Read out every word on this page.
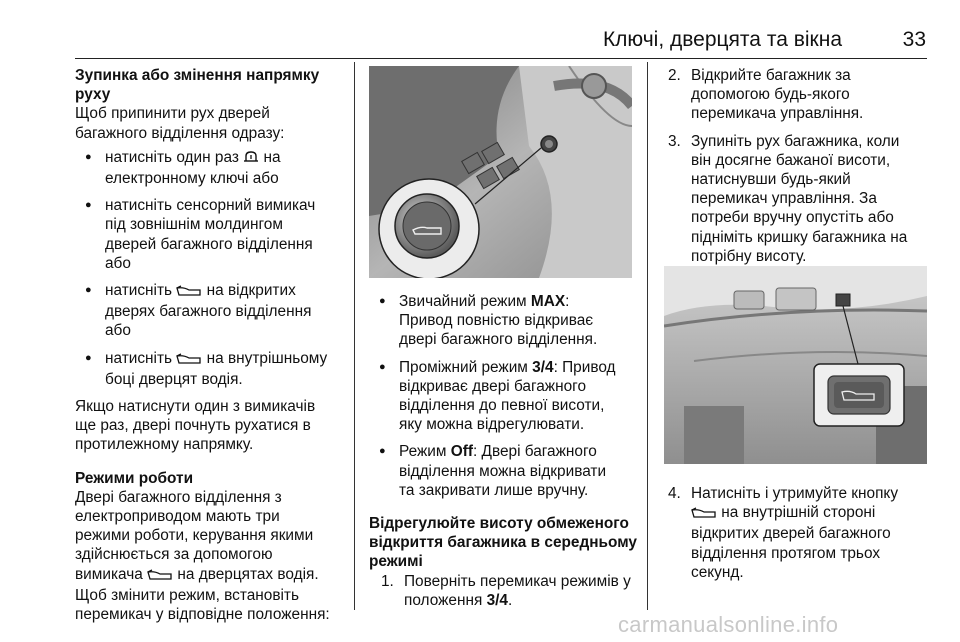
Ключі, дверцята та вікна	33

Зупинка або змінення напрямку
руху

Щоб припинити рух дверей
багажного відділення одразу:

● натисніть один раз на
електронному ключі або

● натисніть сенсорний вимикач
під зовнішнім молдингом
дверей багажного відділення
або

● натисніть на відкритих
дверях багажного відділення
або

● натисніть на внутрішньому
боці дверцят водія.

Якщо натиснути один з вимикачів
ще раз, двері почнуть рухатися в
протилежному напрямку.

Режими роботи

Двері багажного відділення з
електроприводом мають три
режими роботи, керування якими
здійснюється за допомогою
вимикача на дверцятах водія.
Щоб змінити режим, встановіть
перемикач у відповідне положення:

● Звичайний режим MAX:
Привод повністю відкриває
двері багажного відділення.

● Проміжний режим 3/4: Привод
відкриває двері багажного
відділення до певної висоти,
яку можна відрегулювати.

● Режим Off: Двері багажного
відділення можна відкривати
та закривати лише вручну.

Відрегулюйте висоту обмеженого
відкриття багажника в середньому
режимі

1. Поверніть перемикач режимів у
положення 3/4.

2. Відкрийте багажник за
допомогою будь-якого
перемикача управління.

3. Зупиніть рух багажника, коли
він досягне бажаної висоти,
натиснувши будь-який
перемикач управління. За
потреби вручну опустіть або
підніміть кришку багажника на
потрібну висоту.

4. Натисніть і утримуйте кнопку
на внутрішній стороні
відкритих дверей багажного
відділення протягом трьох
секунд.

carmanualsonline.info
